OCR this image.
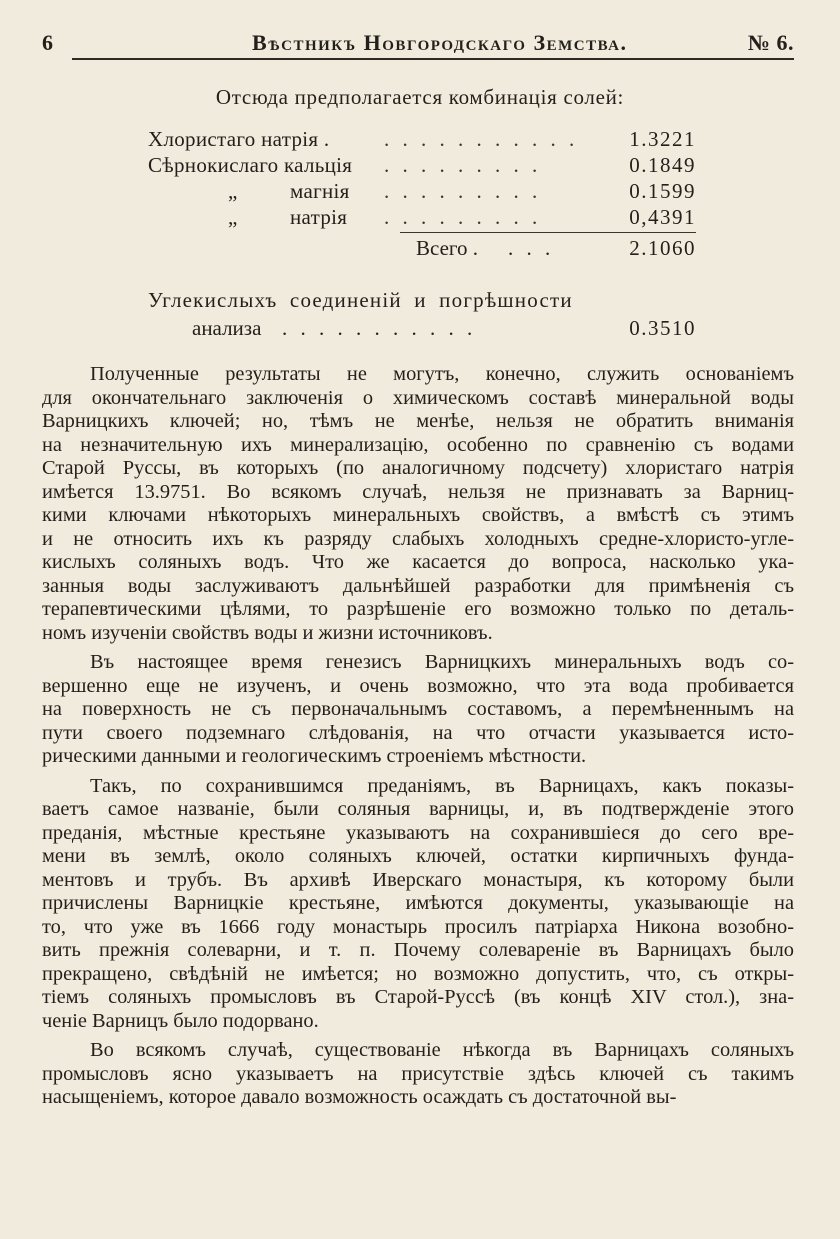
6	Вѣстникъ Новгородскаго Земства.	№ 6.
Отсюда предполагается комбинація солей:
Хлористаго натрія .	. . . . . . . . . . . 1.3221
Сѣрнокислаго кальція . . . . . . . . .	0.1849
„ магнія . . . . . . . . .	0.1599
„ натрія . . . . . . . . .	0,4391
Всего . . . .	2.1060
Углекислыхъ соединеній и погрѣшности
анализа . . . . . . . . . . .	0.3510
Полученные результаты не могутъ, конечно, служить основаніемъ
для окончательнаго заключенія о химическомъ составѣ минеральной воды
Варницкихъ ключей; но, тѣмъ не менѣе, нельзя не обратить вниманія
на незначительную ихъ минерализацію, особенно по сравненію съ водами
Старой Руссы, въ которыхъ (по аналогичному подсчету) хлористаго натрія
имѣется 13.9751. Во всякомъ случаѣ, нельзя не признавать за Варниц-
кими ключами нѣкоторыхъ минеральныхъ свойствъ, а вмѣстѣ съ этимъ
и не относить ихъ къ разряду слабыхъ холодныхъ средне-хлористо-угле-
кислыхъ соляныхъ водъ. Что же касается до вопроса, насколько ука-
занныя воды заслуживаютъ дальнѣйшей разработки для примѣненія съ
терапевтическими цѣлями, то разрѣшеніе его возможно только по деталь-
номъ изученіи свойствъ воды и жизни источниковъ.
Въ настоящее время генезисъ Варницкихъ минеральныхъ водъ со-
вершенно еще не изученъ, и очень возможно, что эта вода пробивается
на поверхность не съ первоначальнымъ составомъ, а перемѣненнымъ на
пути своего подземнаго слѣдованія, на что отчасти указывается исто-
рическими данными и геологическимъ строеніемъ мѣстности.
Такъ, по сохранившимся преданіямъ, въ Варницахъ, какъ показы-
ваетъ самое названіе, были соляныя варницы, и, въ подтвержденіе этого
преданія, мѣстные крестьяне указываютъ на сохранившіеся до сего вре-
мени въ землѣ, около соляныхъ ключей, остатки кирпичныхъ фунда-
ментовъ и трубъ. Въ архивѣ Иверскаго монастыря, къ которому были
причислены Варницкіе крестьяне, имѣются документы, указывающіе на
то, что уже въ 1666 году монастырь просилъ патріарха Никона возобно-
вить прежнія солеварни, и т. п. Почему солевареніе въ Варницахъ было
прекращено, свѣдѣній не имѣется; но возможно допустить, что, съ откры-
тіемъ соляныхъ промысловъ въ Старой-Руссѣ (въ концѣ XIV стол.), зна-
ченіе Варницъ было подорвано.
Во всякомъ случаѣ, существованіе нѣкогда въ Варницахъ соляныхъ
промысловъ ясно указываетъ на присутствіе здѣсь ключей съ такимъ
насыщеніемъ, которое давало возможность осаждать съ достаточной вы-
